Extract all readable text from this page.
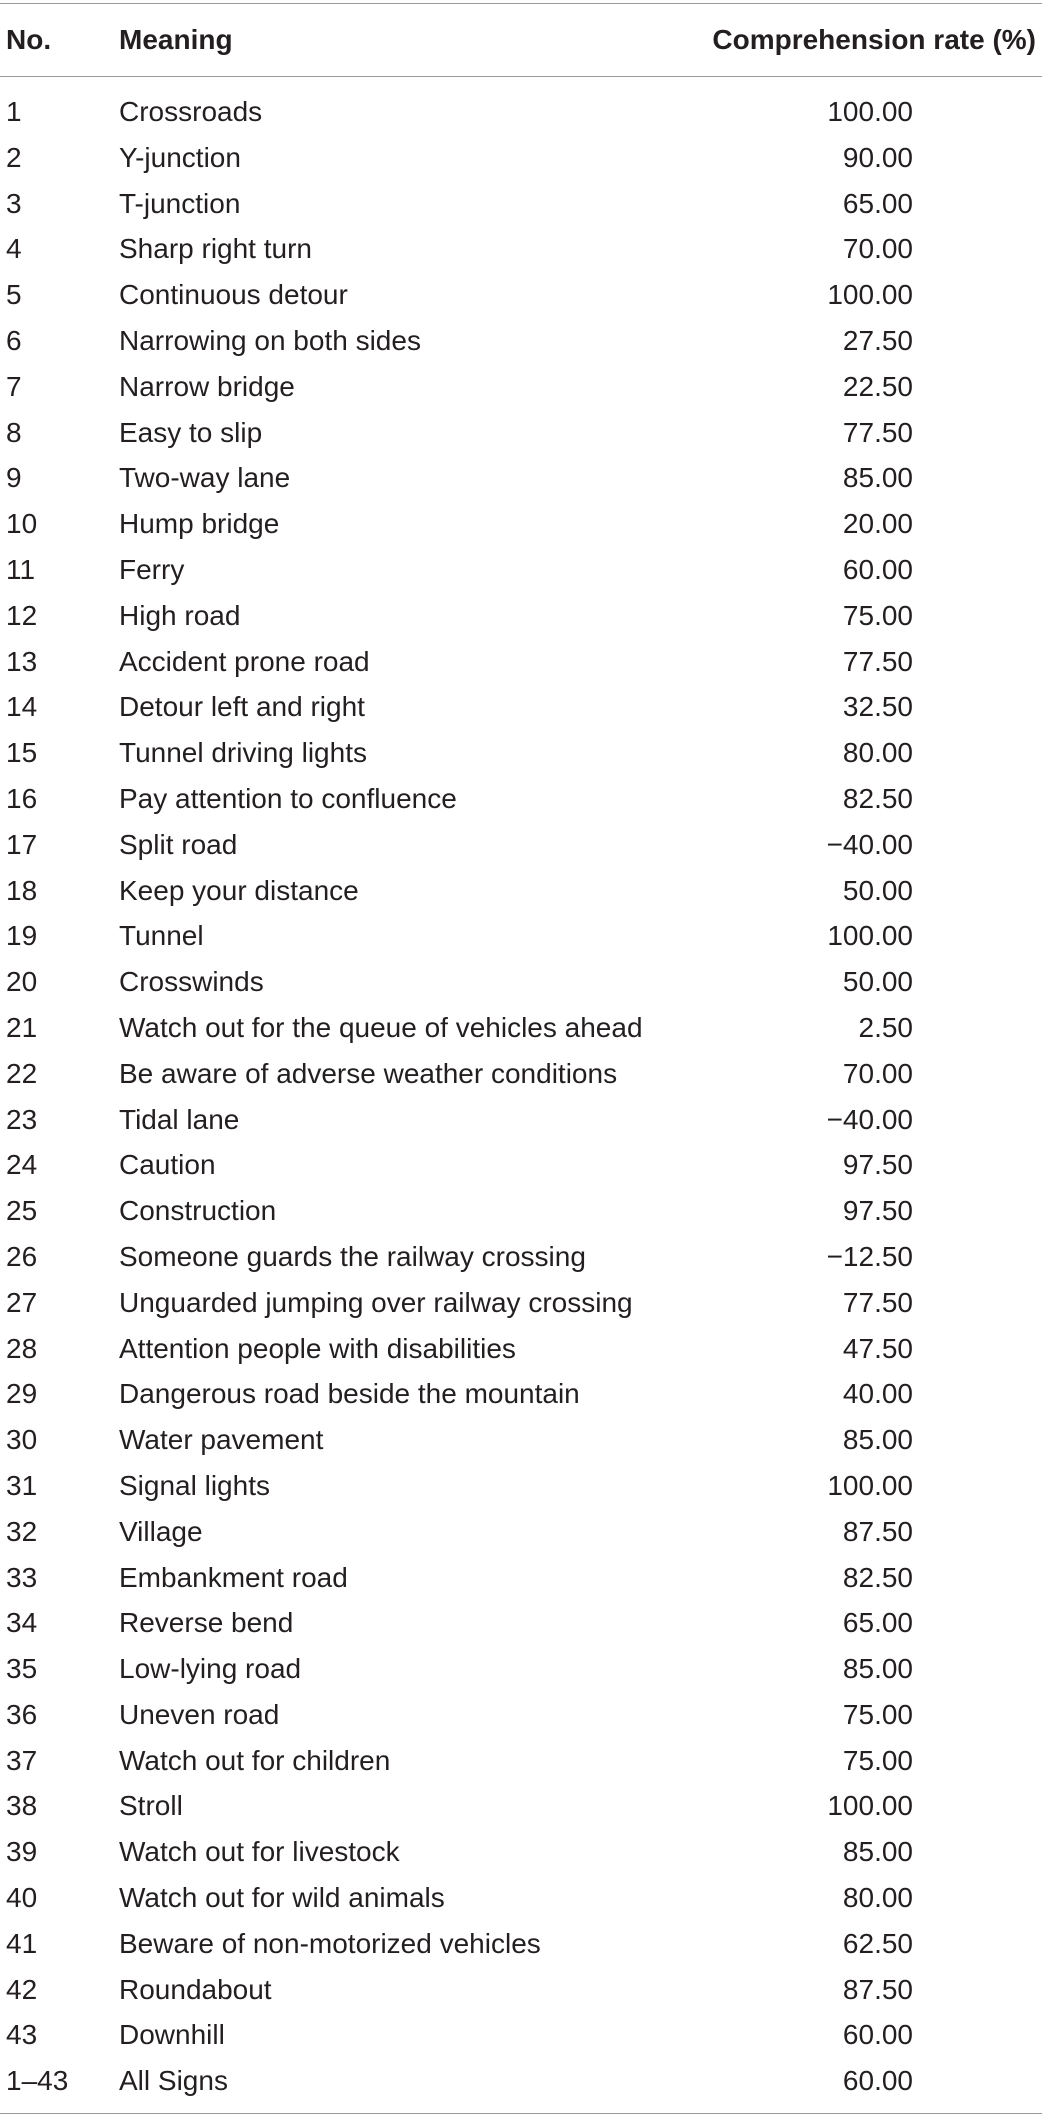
No. Meaning	Comprehension rate (%)
1	Crossroads	100.00
2	Y-junction	90.00
3	T-junction	65.00
4	Sharp right turn	70.00
5	Continuous detour	100.00
6	Narrowing on both sides	27.50
7	Narrow bridge	22.50
8	Easy to slip	77.50
9	Two-way lane	85.00
10	Hump bridge	20.00
11	Ferry	60.00
12	High road	75.00
13	Accident prone road	77.50
14	Detour left and right	32.50
15	Tunnel driving lights	80.00
16	Pay attention to confluence	82.50
17	Split road	−40.00
18	Keep your distance	50.00
19	Tunnel	100.00
20	Crosswinds	50.00
21	Watch out for the queue of vehicles ahead	2.50
22	Be aware of adverse weather conditions	70.00
23	Tidal lane	−40.00
24	Caution	97.50
25	Construction	97.50
26	Someone guards the railway crossing	−12.50
27	Unguarded jumping over railway crossing	77.50
28	Attention people with disabilities	47.50
29	Dangerous road beside the mountain	40.00
30	Water pavement	85.00
31	Signal lights	100.00
32	Village	87.50
33	Embankment road	82.50
34	Reverse bend	65.00
35	Low-lying road	85.00
36	Uneven road	75.00
37	Watch out for children	75.00
38	Stroll	100.00
39	Watch out for livestock	85.00
40	Watch out for wild animals	80.00
41	Beware of non-motorized vehicles	62.50
42	Roundabout	87.50
43	Downhill	60.00
1–43 All Signs	60.00
